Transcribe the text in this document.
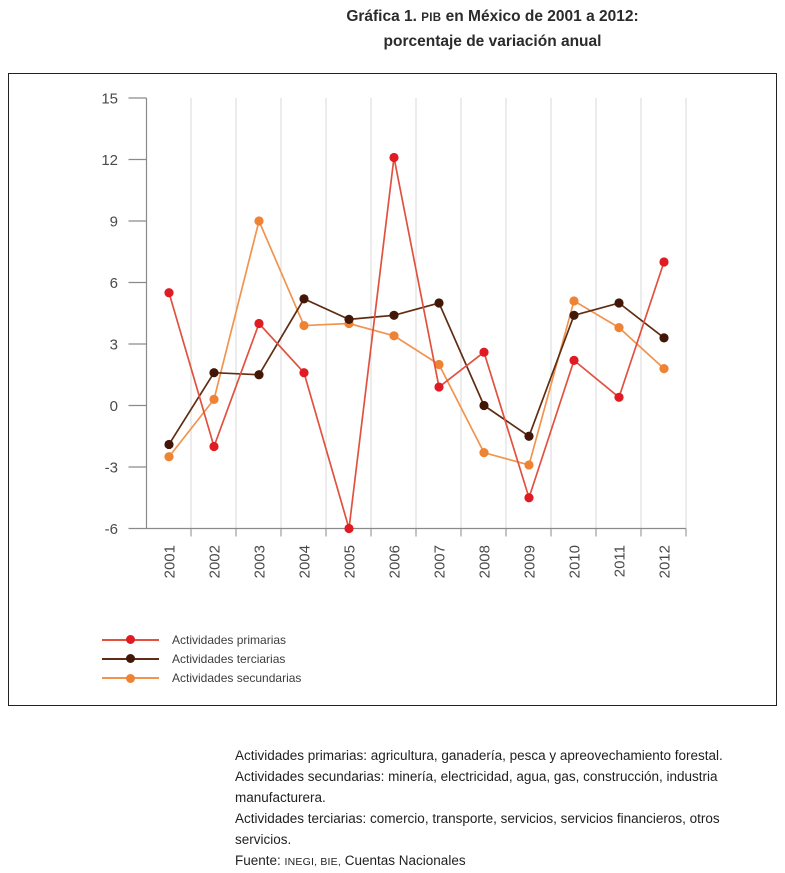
Gráfica 1. PIB en México de 2001 a 2012:
porcentaje de variación anual
15
12
9
6
3
0
-3
-6
2001 2002 2003 2004 2005 2006 2007 2008 2009 2010 2011 2012
Actividades primarias
Actividades terciarias
Actividades secundarias
Actividades primarias: agricultura, ganadería, pesca y apreovechamiento forestal.
Actividades secundarias: minería, electricidad, agua, gas, construcción, industria
manufacturera.
Actividades terciarias: comercio, transporte, servicios, servicios financieros, otros
servicios.
Fuente: INEGI, BIE, Cuentas Nacionales
